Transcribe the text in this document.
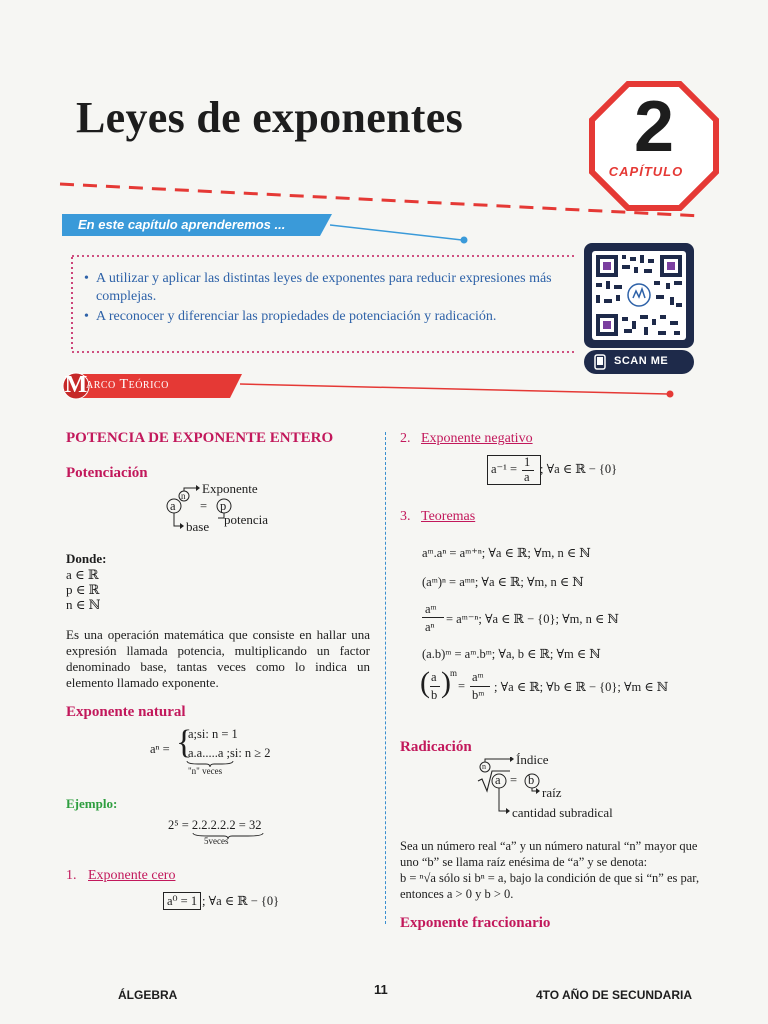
Leyes de exponentes 2
CAPÍTULO
En este capítulo aprenderemos ...
• A utilizar y aplicar las distintas leyes de exponentes para reducir expresiones más complejas.
• A reconocer y diferenciar las propiedades de potenciación y radicación.
SCAN ME
M
arco Teórico
POTENCIA DE EXPONENTE ENTERO
Potenciación
a
n
= p
Exponente
base potencia
Donde:
a ∈ ℝ
p ∈ ℝ
n ∈ ℕ
Es una operación matemática que consiste en hallar una expresión llamada potencia, multiplicando un factor denominado base, tantas veces como lo indica un elemento llamado exponente.
Exponente natural
aⁿ = {
a;si: n = 1
a.a.....a ;si: n ≥ 2
"n" veces
Ejemplo:
2⁵ = 2.2.2.2.2 = 32
5veces
1. Exponente cero
a⁰ = 1 ; ∀a ∈ ℝ − {0}
2. Exponente negativo
a⁻¹ = 1
a
; ∀a ∈ ℝ − {0}
3. Teoremas
aᵐ.aⁿ = aᵐ⁺ⁿ; ∀a ∈ ℝ; ∀m, n ∈ ℕ
(aᵐ)ⁿ = aᵐⁿ; ∀a ∈ ℝ; ∀m, n ∈ ℕ
aᵐ
aⁿ
= aᵐ⁻ⁿ; ∀a ∈ ℝ − {0}; ∀m, n ∈ ℕ
(a.b)ᵐ = aᵐ.bᵐ; ∀a, b ∈ ℝ; ∀m ∈ ℕ
( a
b ) m
=
aᵐ
bᵐ
; ∀a ∈ ℝ; ∀b ∈ ℝ − {0}; ∀m ∈ ℕ
Radicación
n
a = b
Índice
raíz
cantidad subradical
Sea un número real “a” y un número natural “n” mayor que uno “b” se llama raíz enésima de “a” y se denota:
b = ⁿ√a sólo si bⁿ = a, bajo la condición de que si “n” es par, entonces a > 0 y b > 0.
Exponente fraccionario
ÁLGEBRA	11	4TO AÑO DE SECUNDARIA
